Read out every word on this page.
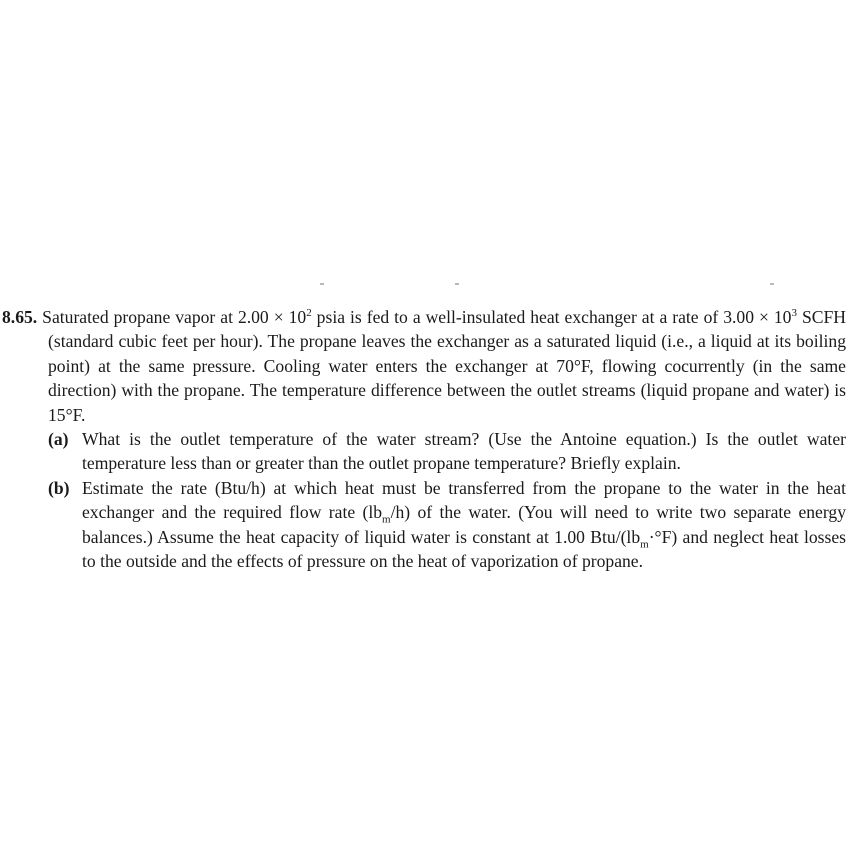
8.65. Saturated propane vapor at $2.00 \times 10^2$ psia is fed to a well-insulated heat exchanger at a rate of $3.00 \times 10^3$ SCFH (standard cubic feet per hour). The propane leaves the exchanger as a saturated liquid (i.e., a liquid at its boiling point) at the same pressure. Cooling water enters the exchanger at 70°F, flowing cocurrently (in the same direction) with the propane. The temperature difference between the outlet streams (liquid propane and water) is 15°F.
(a) What is the outlet temperature of the water stream? (Use the Antoine equation.) Is the outlet water temperature less than or greater than the outlet propane temperature? Briefly explain.
(b) Estimate the rate (Btu/h) at which heat must be transferred from the propane to the water in the heat exchanger and the required flow rate $(lb_m/h)$ of the water. (You will need to write two separate energy balances.) Assume the heat capacity of liquid water is constant at 1.00 Btu/$(lb_m\cdot^\circ F)$ and neglect heat losses to the outside and the effects of pressure on the heat of vaporization of propane.
